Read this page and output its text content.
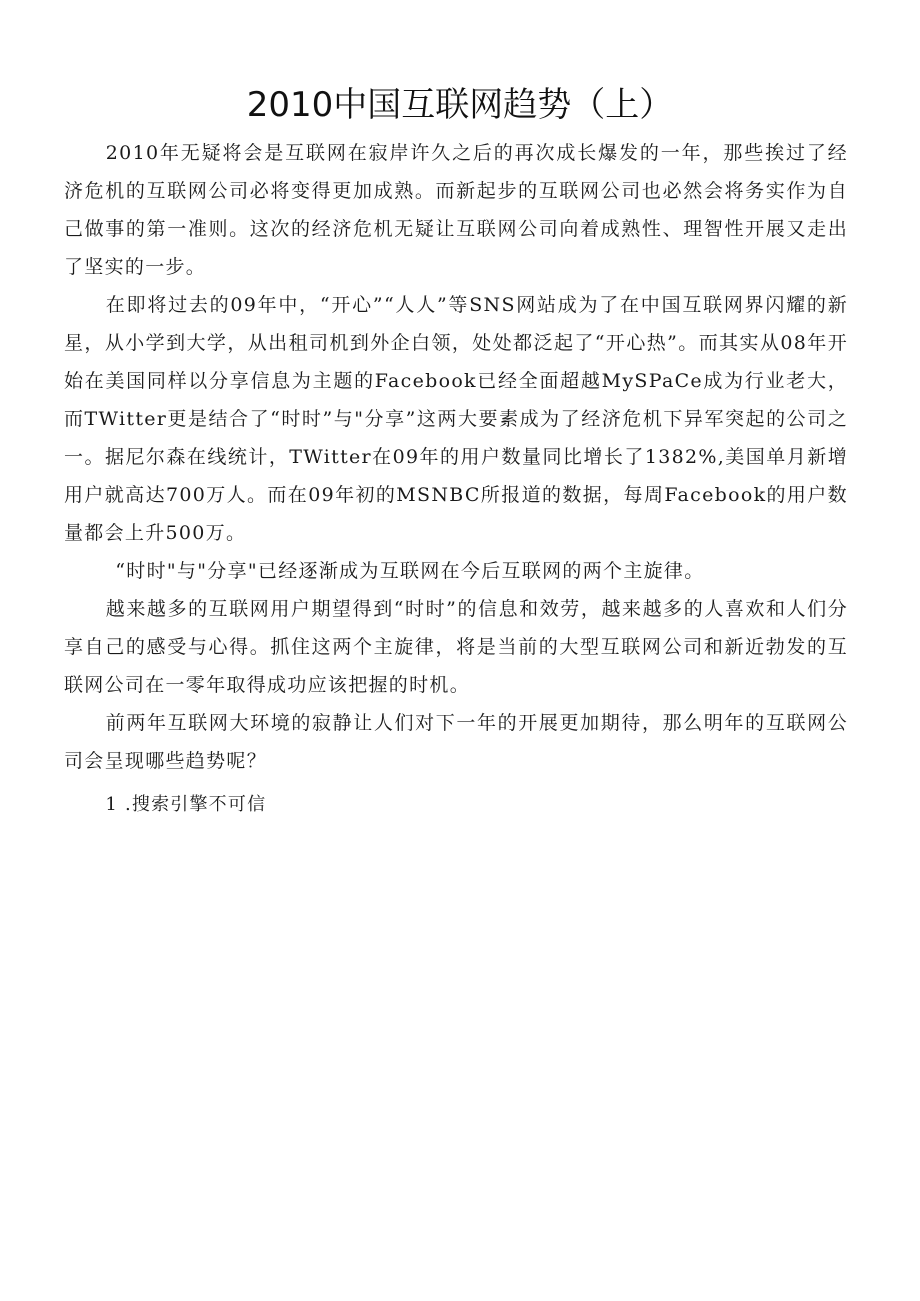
2010中国互联网趋势（上）

2010年无疑将会是互联网在寂岸许久之后的再次成长爆发的一年，那些挨过了经济危机的互联网公司必将变得更加成熟。而新起步的互联网公司也必然会将务实作为自己做事的第一准则。这次的经济危机无疑让互联网公司向着成熟性、理智性开展又走出了坚实的一步。

在即将过去的09年中，“开心”“人人”等SNS网站成为了在中国互联网界闪耀的新星，从小学到大学，从出租司机到外企白领，处处都泛起了“开心热”。而其实从08年开始在美国同样以分享信息为主题的Facebook已经全面超越MySPaCe成为行业老大，而TWitter更是结合了“时时”与"分享”这两大要素成为了经济危机下异军突起的公司之一。据尼尔森在线统计，TWitter在09年的用户数量同比增长了1382%,美国单月新增用户就高达700万人。而在09年初的MSNBC所报道的数据，每周Facebook的用户数量都会上升500万。

“时时"与"分享"已经逐渐成为互联网在今后互联网的两个主旋律。

越来越多的互联网用户期望得到“时时”的信息和效劳，越来越多的人喜欢和人们分享自己的感受与心得。抓住这两个主旋律，将是当前的大型互联网公司和新近勃发的互联网公司在一零年取得成功应该把握的时机。

前两年互联网大环境的寂静让人们对下一年的开展更加期待，那么明年的互联网公司会呈现哪些趋势呢？

1 .搜索引擎不可信
